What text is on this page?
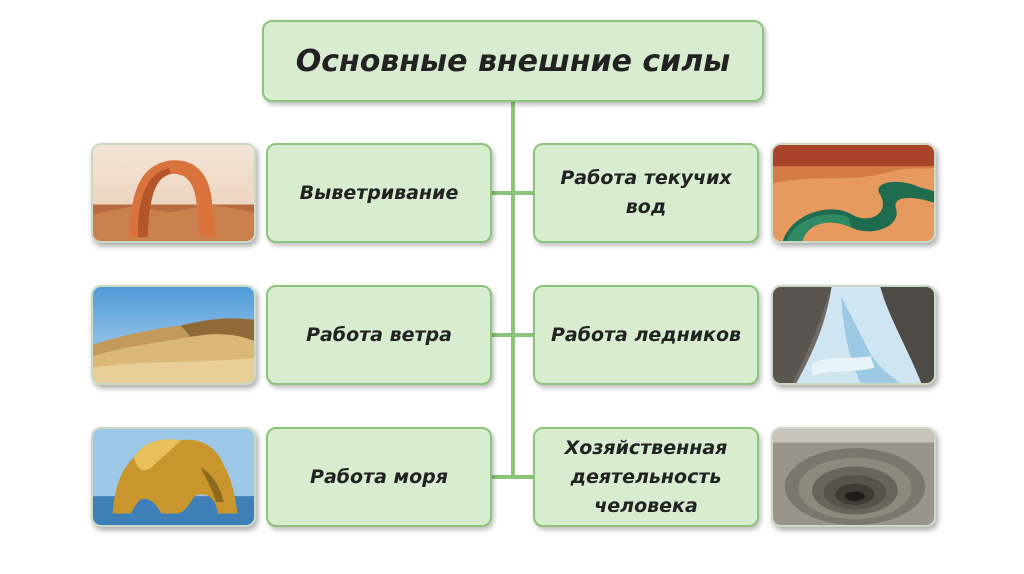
Основные внешние силы
Выветривание
Работа ветра
Работа моря
Работа текучих
вод
Работа ледников
Хозяйственная
деятельность
человека
